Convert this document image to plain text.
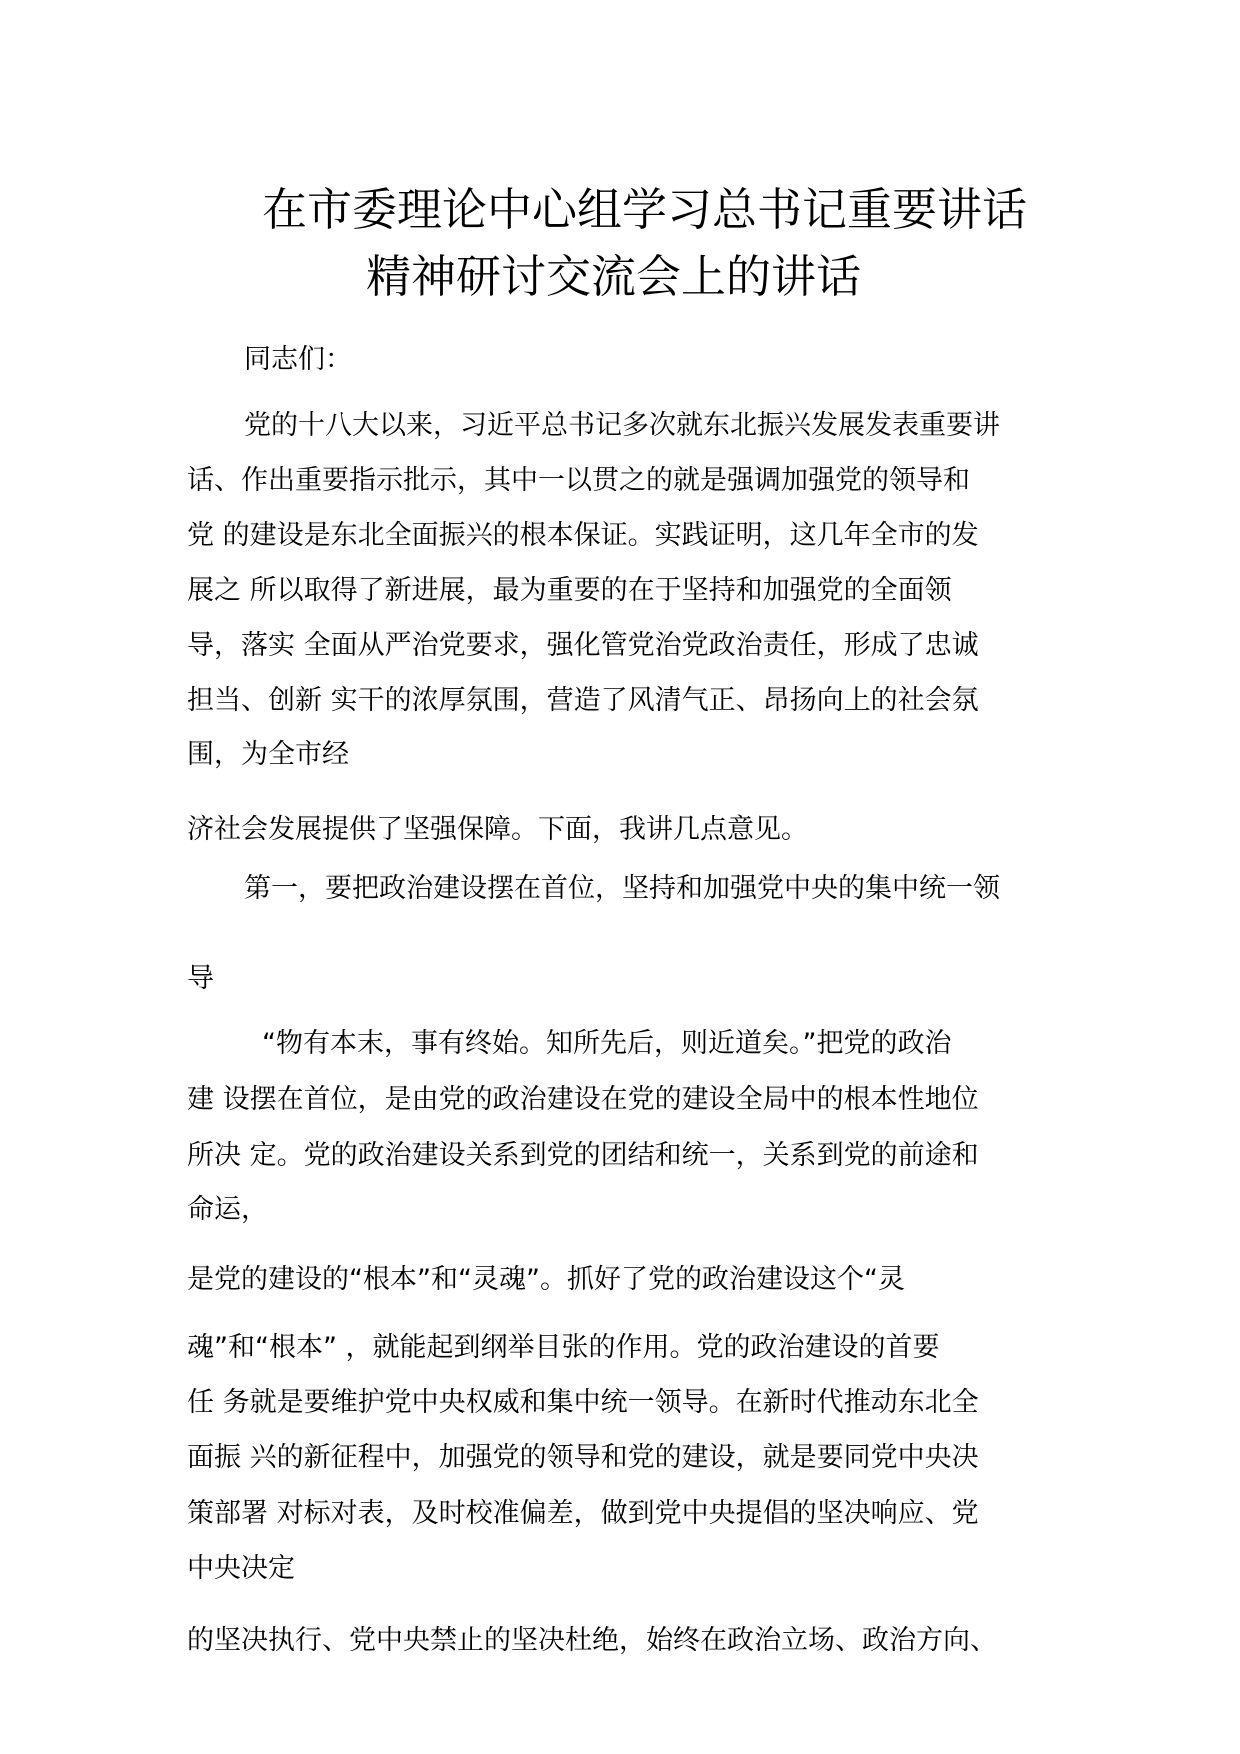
在市委理论中心组学习总书记重要讲话
精神研讨交流会上的讲话
同志们：
党的十八大以来，习近平总书记多次就东北振兴发展发表重要讲
话、作出重要指示批示，其中一以贯之的就是强调加强党的领导和
党 的建设是东北全面振兴的根本保证。实践证明，这几年全市的发
展之 所以取得了新进展，最为重要的在于坚持和加强党的全面领
导，落实 全面从严治党要求，强化管党治党政治责任，形成了忠诚
担当、创新 实干的浓厚氛围，营造了风清气正、昂扬向上的社会氛
围，为全市经
济社会发展提供了坚强保障。下面，我讲几点意见。
第一，要把政治建设摆在首位，坚持和加强党中央的集中统一领
导
“物有本末，事有终始。知所先后，则近道矣。”把党的政治
建 设摆在首位，是由党的政治建设在党的建设全局中的根本性地位
所决 定。党的政治建设关系到党的团结和统一，关系到党的前途和
命运，
是党的建设的“根本”和“灵魂”。抓好了党的政治建设这个“灵
魂”和“根本” ，就能起到纲举目张的作用。党的政治建设的首要
任 务就是要维护党中央权威和集中统一领导。在新时代推动东北全
面振 兴的新征程中，加强党的领导和党的建设，就是要同党中央决
策部署 对标对表，及时校准偏差，做到党中央提倡的坚决响应、党
中央决定
的坚决执行、党中央禁止的坚决杜绝，始终在政治立场、政治方向、
